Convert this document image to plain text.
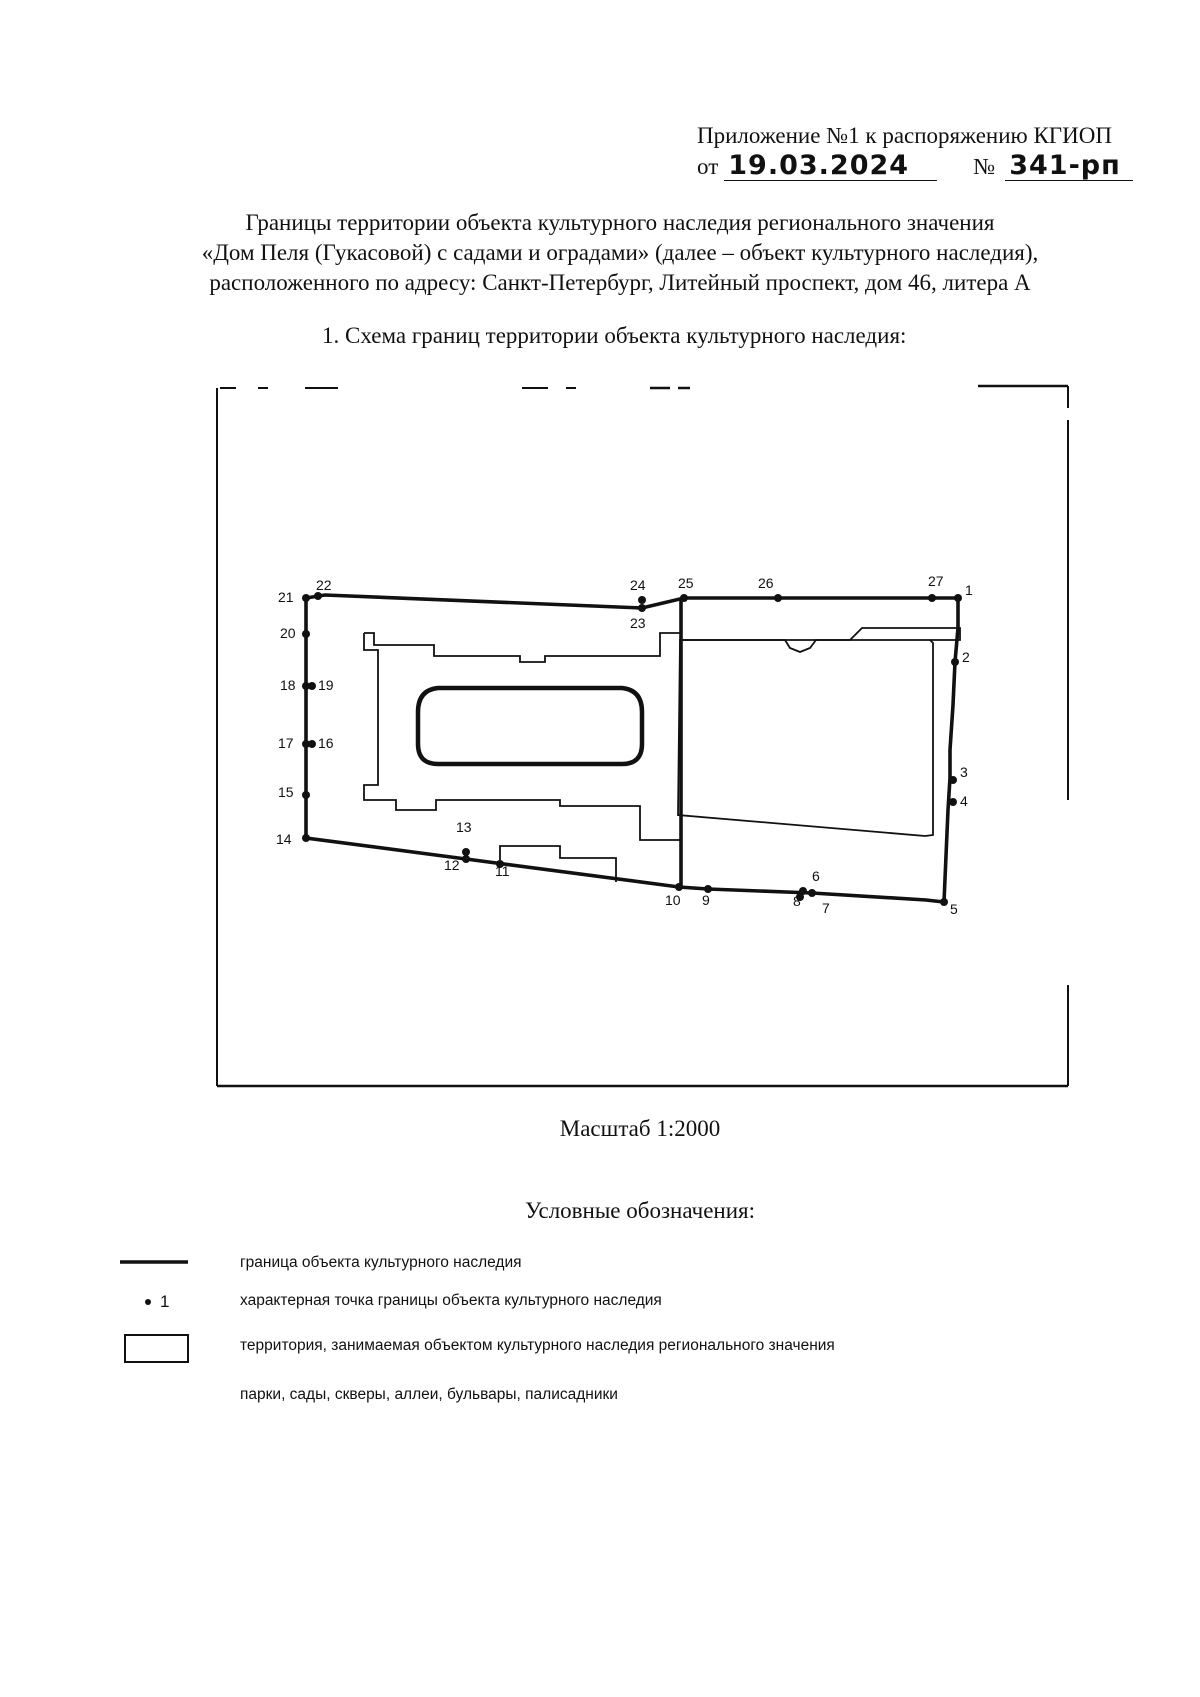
Приложение №1 к распоряжению КГИОП
от 19.03.2024	№ 341-рп
Границы территории объекта культурного наследия регионального значения
«Дом Пеля (Гукасовой) с садами и оградами» (далее – объект культурного наследия),
расположенного по адресу: Санкт-Петербург, Литейный проспект, дом 46, литера А
1. Схема границ территории объекта культурного наследия:
1
2
3
4
5
6
7
8
9
10
11
12
13
14
15
16
17
18 19
20
21
22
23
24 25	26	27
Масштаб 1:2000
Условные обозначения:
граница объекта культурного наследия
1	характерная точка границы объекта культурного наследия
территория, занимаемая объектом культурного наследия регионального значения
парки, сады, скверы, аллеи, бульвары, палисадники
